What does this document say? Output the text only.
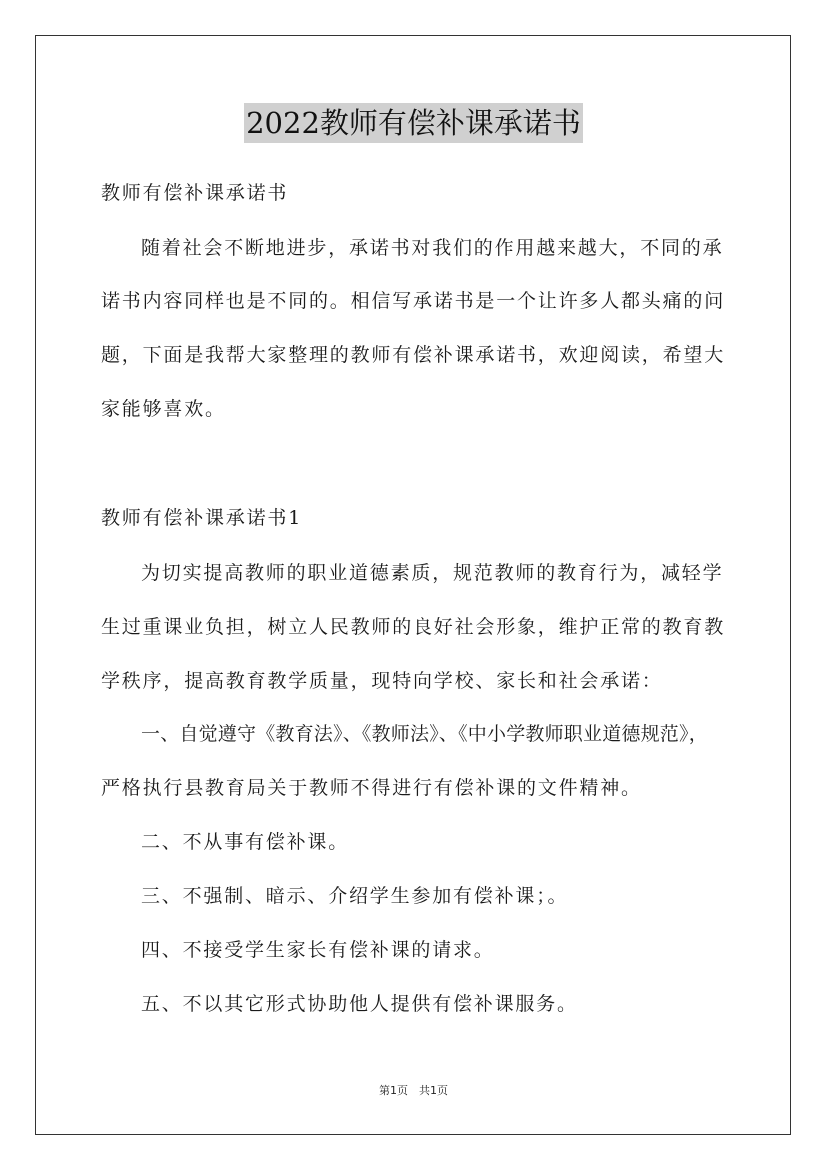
2022教师有偿补课承诺书
教师有偿补课承诺书
随着社会不断地进步，承诺书对我们的作用越来越大，不同的承
诺书内容同样也是不同的。相信写承诺书是一个让许多人都头痛的问
题，下面是我帮大家整理的教师有偿补课承诺书，欢迎阅读，希望大
家能够喜欢。
教师有偿补课承诺书1
为切实提高教师的职业道德素质，规范教师的教育行为，减轻学
生过重课业负担，树立人民教师的良好社会形象，维护正常的教育教
学秩序，提高教育教学质量，现特向学校、家长和社会承诺：
一、自觉遵守《教育法》、《教师法》、《中小学教师职业道德规范》，
严格执行县教育局关于教师不得进行有偿补课的文件精神。
二、不从事有偿补课。
三、不强制、暗示、介绍学生参加有偿补课；。
四、不接受学生家长有偿补课的请求。
五、不以其它形式协助他人提供有偿补课服务。
第1页　共1页
